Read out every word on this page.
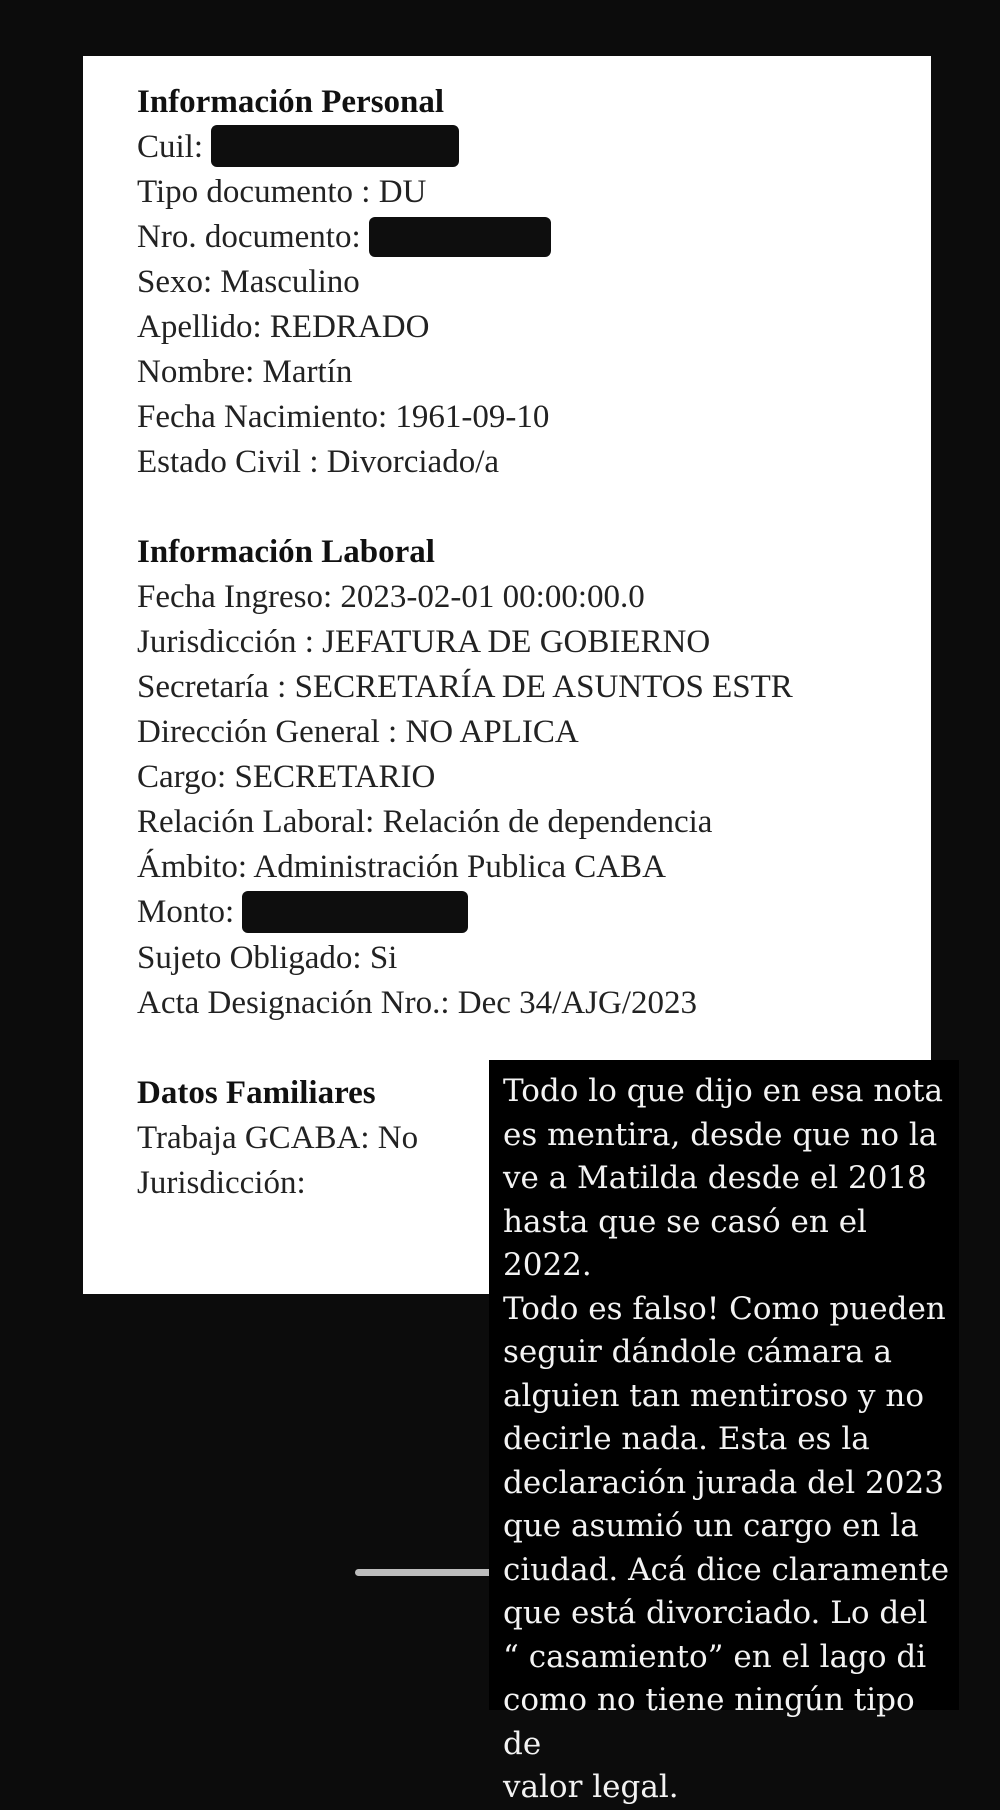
Información Personal
Cuil:
Tipo documento : DU
Nro. documento:
Sexo: Masculino
Apellido: REDRADO
Nombre: Martín
Fecha Nacimiento: 1961-09-10
Estado Civil : Divorciado/a
Información Laboral
Fecha Ingreso: 2023-02-01 00:00:00.0
Jurisdicción : JEFATURA DE GOBIERNO
Secretaría : SECRETARÍA DE ASUNTOS ESTR
Dirección General : NO APLICA
Cargo: SECRETARIO
Relación Laboral: Relación de dependencia
Ámbito: Administración Publica CABA
Monto:
Sujeto Obligado: Si
Acta Designación Nro.: Dec 34/AJG/2023
Datos Familiares
Trabaja GCABA: No
Jurisdicción:
Todo lo que dijo en esa nota
es mentira, desde que no la
ve a Matilda desde el 2018
hasta que se casó en el 2022.
Todo es falso! Como pueden
seguir dándole cámara a
alguien tan mentiroso y no
decirle nada. Esta es la
declaración jurada del 2023
que asumió un cargo en la
ciudad. Acá dice claramente
que está divorciado. Lo del
“ casamiento” en el lago di
como no tiene ningún tipo de
valor legal.
